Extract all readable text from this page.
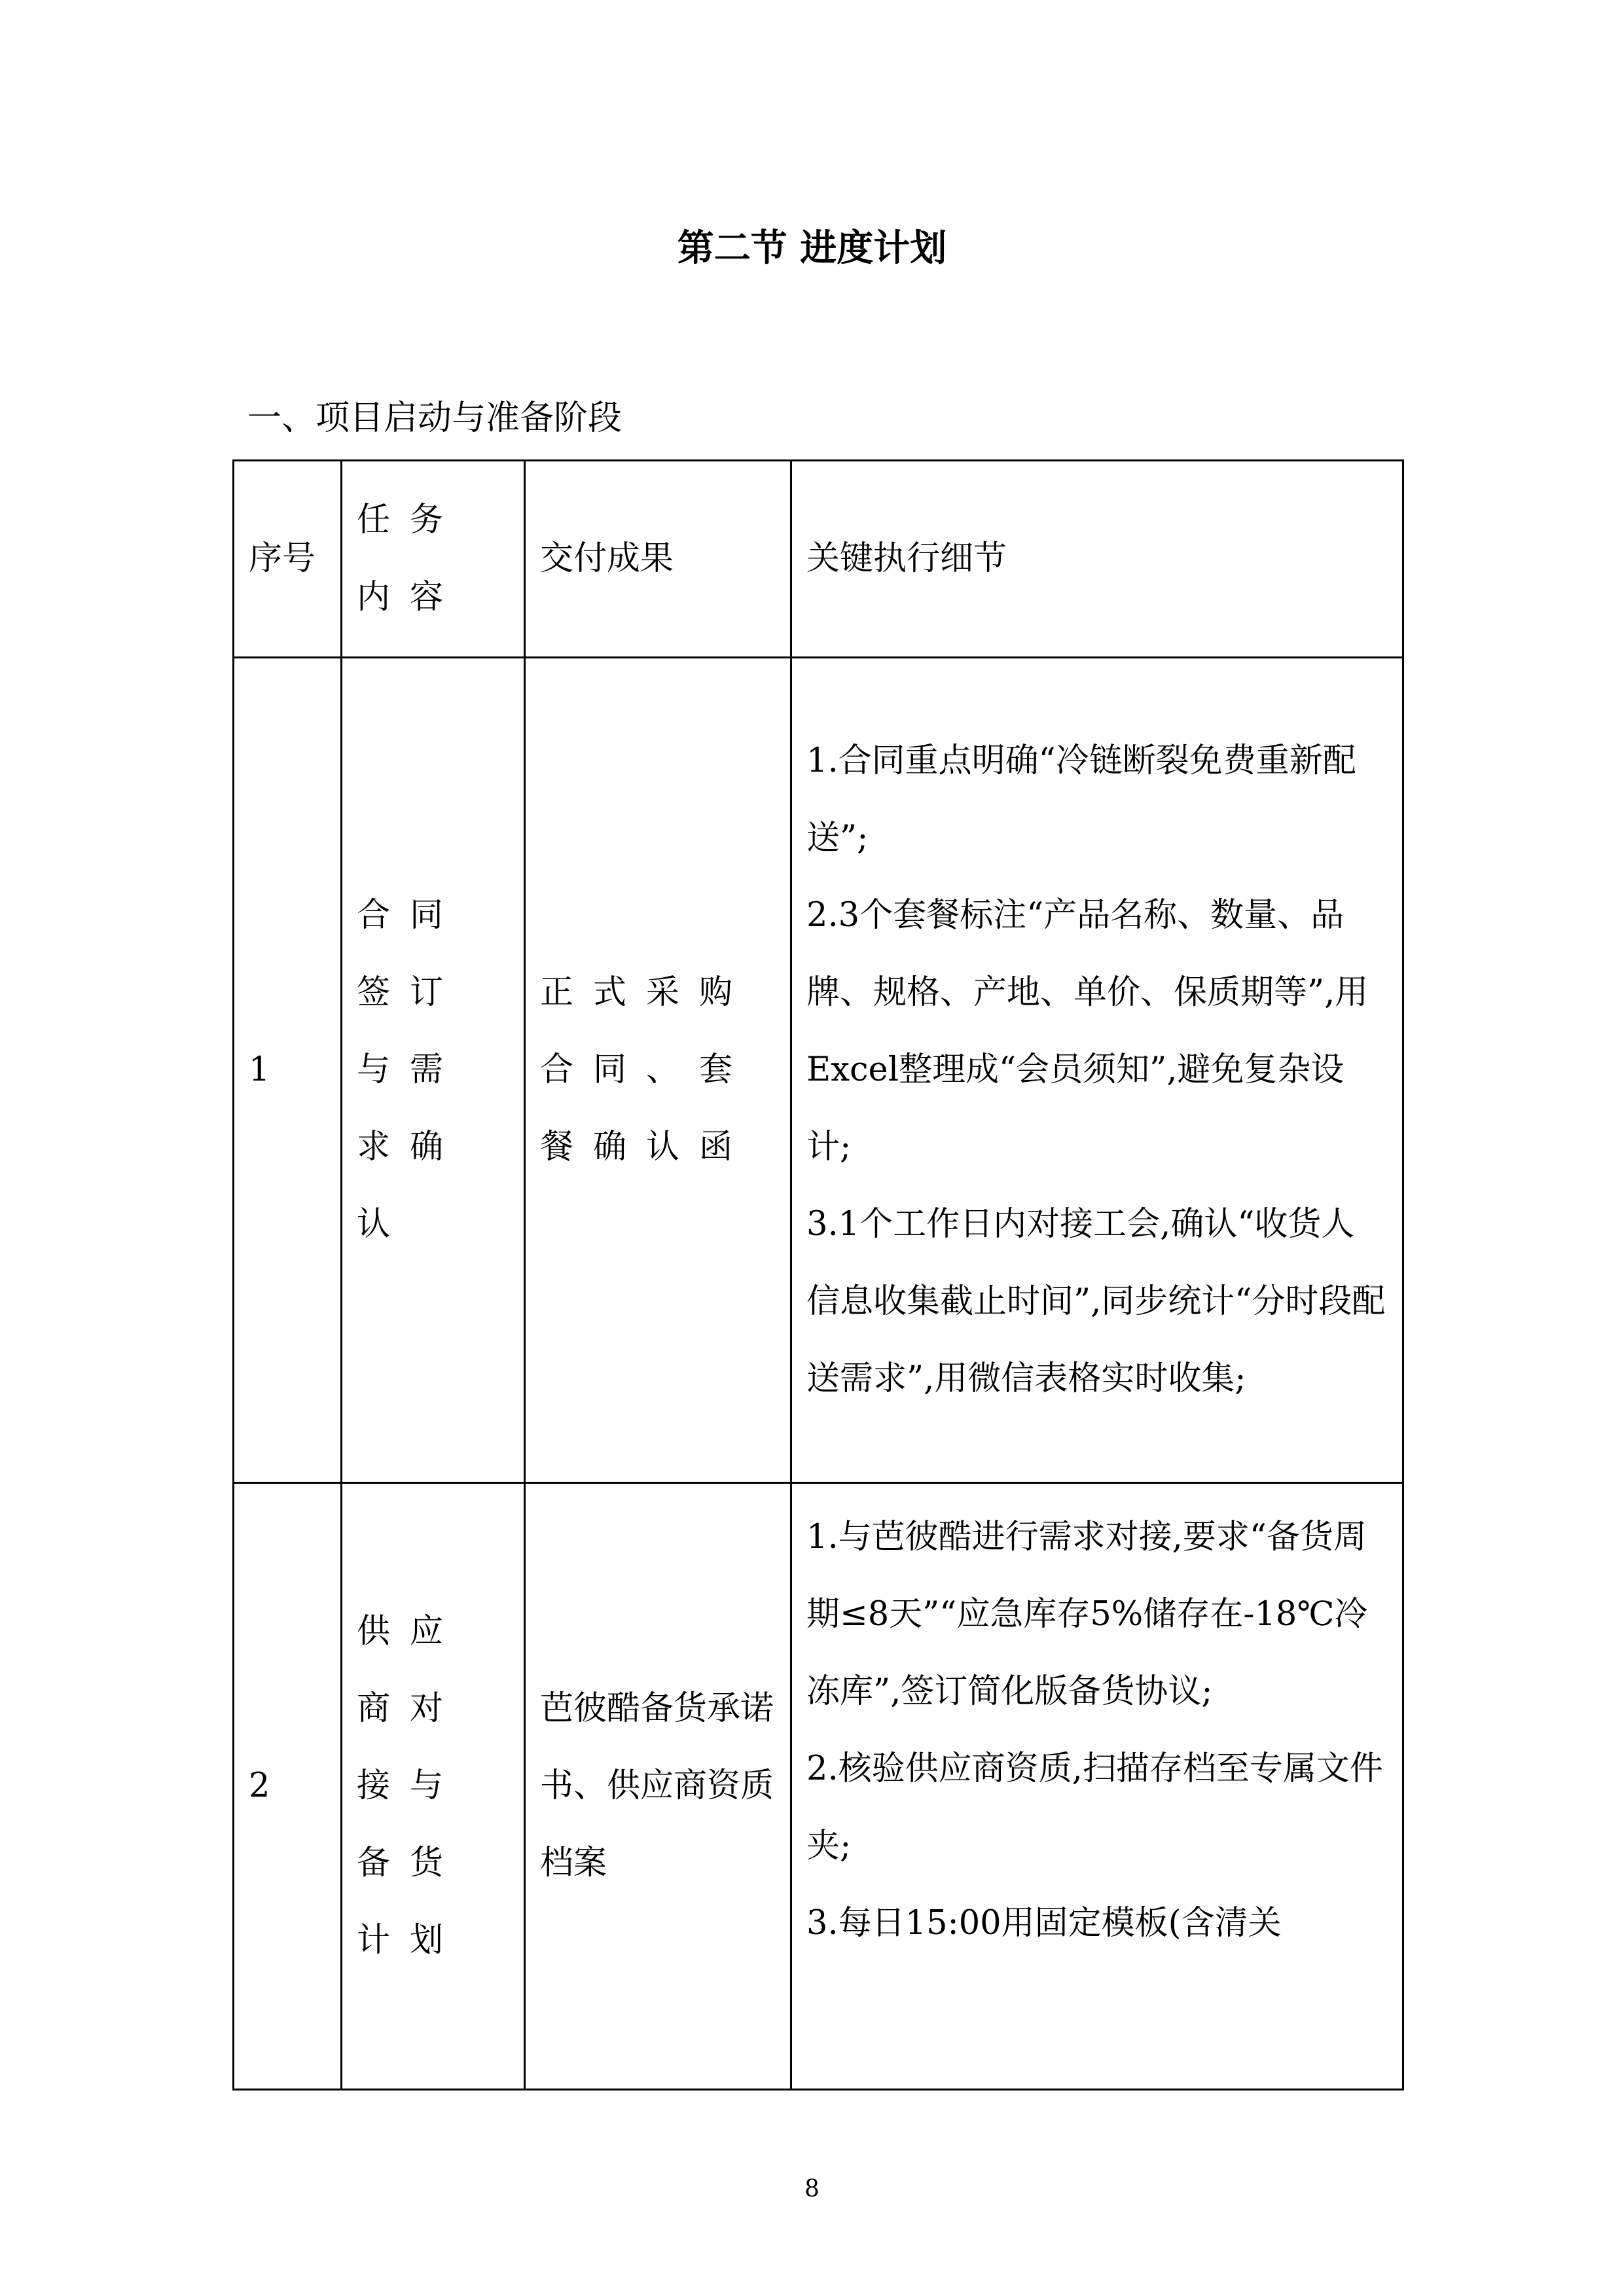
第二节 进度计划
一、项目启动与准备阶段
序号	任务内容	交付成果	关键执行细节
1	合同签订与需求确认	正式采购合同、套餐确认函	1.合同重点明确“冷链断裂免费重新配送”;
2.3个套餐标注“产品名称、数量、品牌、规格、产地、单价、保质期等”,用Excel整理成“会员须知”,避免复杂设计;
3.1个工作日内对接工会,确认“收货人信息收集截止时间”,同步统计“分时段配送需求”,用微信表格实时收集;

2	供应商对接与备货计划	芭彼酷备货承诺书、供应商资质档案	1.与芭彼酷进行需求对接,要求“备货周期≤8天”“应急库存5%储存在-18℃冷冻库”,签订简化版备货协议;
2.核验供应商资质,扫描存档至专属文件夹;
3.每日15:00用固定模板(含清关
8
